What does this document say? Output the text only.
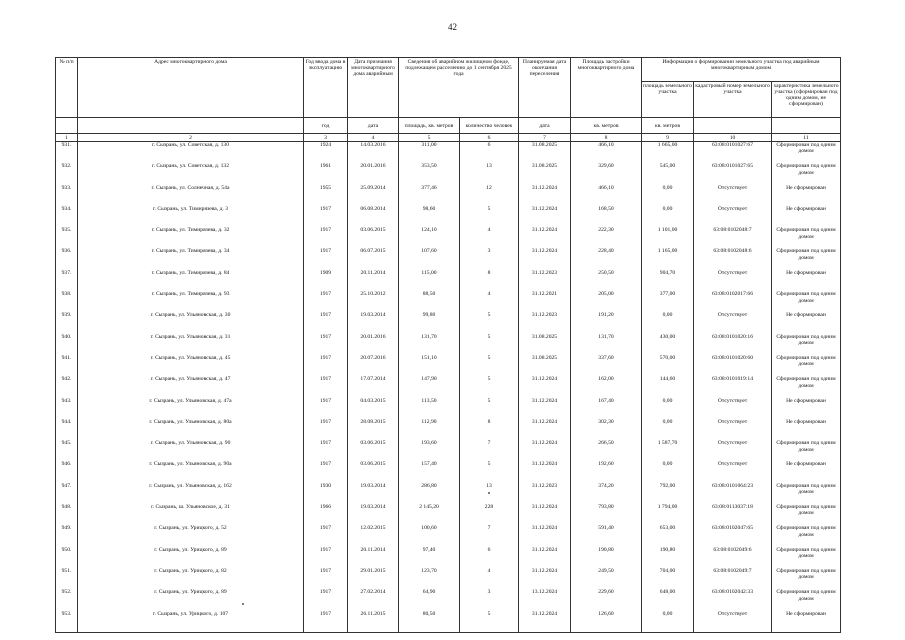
42
№ п/п	Адрес многоквартирного дома	Год ввода дома в эксплуатацию	Дата признания многоквартирного дома аварийным	Сведения об аварийном жилищном фонде, подлежащем расселению до 1 сентября 2025 года		Планируемая дата окончания переселения	Площадь застройки многоквартирного дома	Информация о формировании земельного участка под аварийным многоквартирным домом		
								площадь земельного участка	кадастровый номер земельного участка	характеристика земельного участка (сформирован под одним домом, не сформирован)
		год	дата	площадь, кв. метров	количество человек	дата	кв. метров	кв. метров		
1	2	3	4	5	6	7	8	9	10	11
931.	г. Сызрань, ул. Советская, д. 130	1924	14.03.2016	311,00	6	31.08.2025	466,10	1 665,00	63:08:0101027:67	Сформирован под одним домом
932.	г. Сызрань, ул. Советская, д. 132	1961	20.01.2016	353,50	13	31.08.2025	329,60	545,00	63:08:0101027:65	Сформирован под одним домом
933.	г. Сызрань, ул. Солнечная, д. 54а	1955	25.09.2014	377,46	12	31.12.2024	466,10	0,00	Отсутствует	Не сформирован
934.	г. Сызрань, ул. Тимирязева, д. 3	1917	06.08.2014	98,60	5	31.12.2024	168,50	0,00	Отсутствует	Не сформирован
935.	г. Сызрань, ул. Тимирязева, д. 32	1917	03.06.2015	124,10	4	31.12.2024	222,30	1 101,00	63:08:0102048:7	Сформирован под одним домом
936.	г. Сызрань, ул. Тимирязева, д. 34	1917	06.07.2015	107,60	3	31.12.2024	228,40	1 165,00	63:08:0102048:6	Сформирован под одним домом
937.	г. Сызрань, ул. Тимирязева, д. 84	1909	20.11.2014	115,00	8	31.12.2023	250,50	904,70	Отсутствует	Не сформирован
938.	г. Сызрань, ул. Тимирязева, д. 93	1917	25.10.2012	88,50	4	31.12.2021	205,00	377,00	63:08:0102017:66	Сформирован под одним домом
939.	г. Сызрань, ул. Ульяновская, д. 30	1917	19.03.2014	99,80	5	31.12.2023	191,20	0,00	Отсутствует	Не сформирован
940.	г. Сызрань, ул. Ульяновская, д. 31	1917	20.01.2016	131,70	5	31.08.2025	131,70	430,00	63:08:0101020:16	Сформирован под одним домом
941.	г. Сызрань, ул. Ульяновская, д. 45	1917	20.07.2016	151,10	5	31.08.2025	337,60	570,00	63:08:0101020:60	Сформирован под одним домом
942.	г. Сызрань, ул. Ульяновская, д. 47	1917	17.07.2014	147,90	5	31.12.2024	162,00	144,60	63:08:0101019:14	Сформирован под одним домом
943.	г. Сызрань, ул. Ульяновская, д. 47а	1917	04.03.2015	113,50	5	31.12.2024	167,40	0,00	Отсутствует	Не сформирован
944.	г. Сызрань, ул. Ульяновская, д. 80а	1917	28.08.2015	112,90	8	31.12.2024	302,30	0,00	Отсутствует	Не сформирован
945.	г. Сызрань, ул. Ульяновская, д. 90	1917	03.06.2015	193,60	7	31.12.2024	266,50	1 587,70	Отсутствует	Сформирован под одним домом
946.	г. Сызрань, ул. Ульяновская, д. 90а	1917	03.06.2015	157,40	5	31.12.2024	192,60	0,00	Отсутствует	Не сформирован
947.	г. Сызрань, ул. Ульяновская, д. 162	1930	19.03.2014	286,80	13	31.12.2023	374,20	792,00	63:08:0101064:23	Сформирован под одним домом
948.	г. Сызрань, ш. Ульяновское, д. 31	1966	19.03.2014	2 145,20	228	31.12.2024	793,80	1 794,00	63:08:0113037:18	Сформирован под одним домом
949.	г. Сызрань, ул. Урицкого, д. 52	1917	12.02.2015	100,60	7	31.12.2024	591,40	653,00	63:08:0102047:65	Сформирован под одним домом
950.	г. Сызрань, ул. Урицкого, д. 89	1917	20.11.2014	97,40	6	31.12.2024	190,80	190,80	63:08:0102049:6	Сформирован под одним домом
951.	г. Сызрань, ул. Урицкого, д. 82	1917	29.01.2015	123,70	4	31.12.2024	249,50	704,00	63:08:0102049:7	Сформирован под одним домом
952.	г. Сызрань, ул. Урицкого, д. 89	1917	27.02.2014	64,90	3	13.12.2024	229,60	648,00	63:08:0102042:33	Сформирован под одним домом
953.	г. Сызрань, ул. Урицкого, д. 107	1917	26.11.2015	80,50	5	31.12.2024	126,60	0,00	Отсутствует	Не сформирован
